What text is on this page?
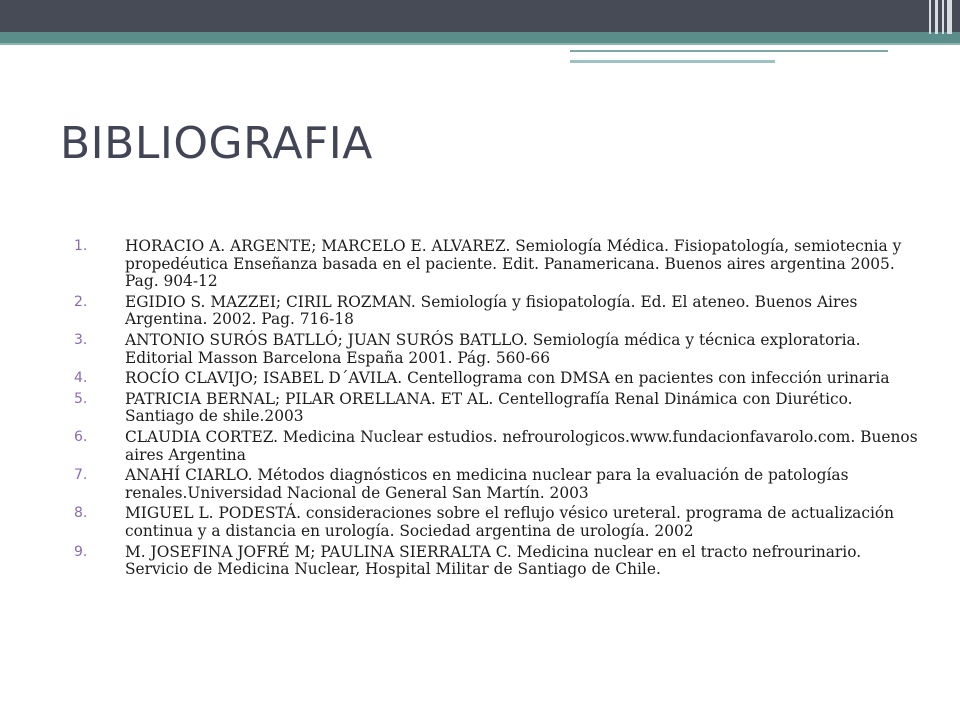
BIBLIOGRAFIA
1.	HORACIO A. ARGENTE; MARCELO E. ALVAREZ. Semiología Médica. Fisiopatología, semiotecnia y propedéutica Enseñanza basada en el paciente. Edit. Panamericana. Buenos aires argentina 2005. Pag. 904-12
2.	EGIDIO S. MAZZEI; CIRIL ROZMAN. Semiología y fisiopatología. Ed. El ateneo. Buenos Aires Argentina. 2002. Pag. 716-18
3.	ANTONIO SURÓS BATLLÓ; JUAN SURÓS BATLLO. Semiología médica y técnica exploratoria. Editorial Masson Barcelona España 2001. Pág. 560-66
4.	ROCÍO CLAVIJO; ISABEL D´AVILA. Centellograma con DMSA en pacientes con infección urinaria
5.	PATRICIA BERNAL; PILAR ORELLANA. ET AL. Centellografía Renal Dinámica con Diurético. Santiago de shile.2003
6.	CLAUDIA CORTEZ. Medicina Nuclear estudios. nefrourologicos.www.fundacionfavarolo.com. Buenos aires Argentina
7.	ANAHÍ CIARLO. Métodos diagnósticos en medicina nuclear para la evaluación de patologías renales.Universidad Nacional de General San Martín. 2003
8.	MIGUEL L. PODESTÁ. consideraciones sobre el reflujo vésico ureteral. programa de actualización continua y a distancia en urología. Sociedad argentina de urología. 2002
9.	M. JOSEFINA JOFRÉ M; PAULINA SIERRALTA C. Medicina nuclear en el tracto nefrourinario. Servicio de Medicina Nuclear, Hospital Militar de Santiago de Chile.
